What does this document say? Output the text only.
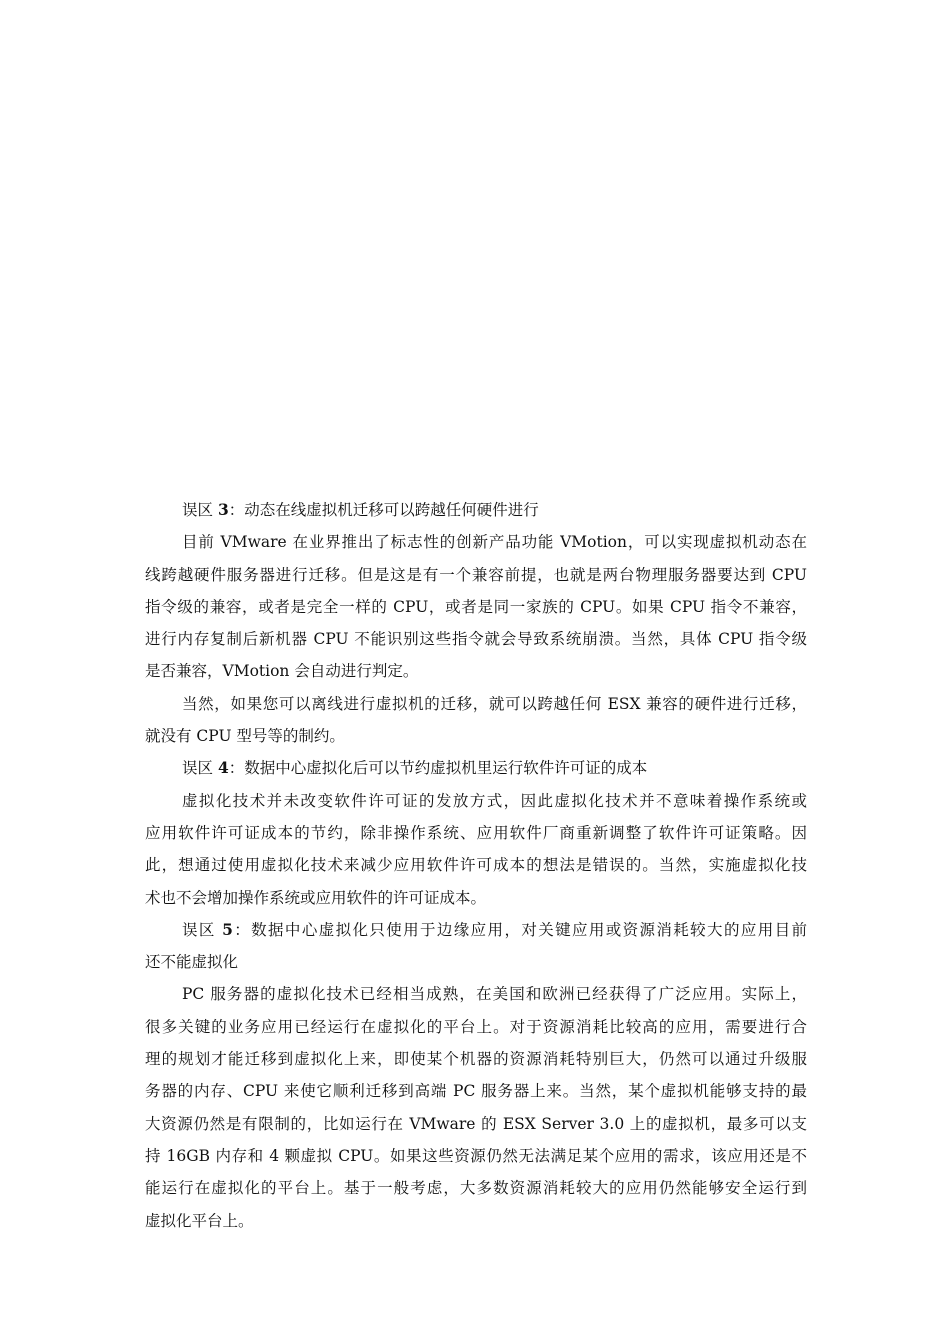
误区 3：动态在线虚拟机迁移可以跨越任何硬件进行
目前 VMware 在业界推出了标志性的创新产品功能 VMotion，可以实现虚拟机动态在
线跨越硬件服务器进行迁移。但是这是有一个兼容前提，也就是两台物理服务器要达到 CPU
指令级的兼容，或者是完全一样的 CPU，或者是同一家族的 CPU。如果 CPU 指令不兼容，
进行内存复制后新机器 CPU 不能识别这些指令就会导致系统崩溃。当然，具体 CPU 指令级
是否兼容，VMotion 会自动进行判定。
当然，如果您可以离线进行虚拟机的迁移，就可以跨越任何 ESX 兼容的硬件进行迁移，
就没有 CPU 型号等的制约。
误区 4：数据中心虚拟化后可以节约虚拟机里运行软件许可证的成本
虚拟化技术并未改变软件许可证的发放方式，因此虚拟化技术并不意味着操作系统或
应用软件许可证成本的节约，除非操作系统、应用软件厂商重新调整了软件许可证策略。因
此，想通过使用虚拟化技术来减少应用软件许可成本的想法是错误的。当然，实施虚拟化技
术也不会增加操作系统或应用软件的许可证成本。
误区 5：数据中心虚拟化只使用于边缘应用，对关键应用或资源消耗较大的应用目前
还不能虚拟化
PC 服务器的虚拟化技术已经相当成熟，在美国和欧洲已经获得了广泛应用。实际上，
很多关键的业务应用已经运行在虚拟化的平台上。对于资源消耗比较高的应用，需要进行合
理的规划才能迁移到虚拟化上来，即使某个机器的资源消耗特别巨大，仍然可以通过升级服
务器的内存、CPU 来使它顺利迁移到高端 PC 服务器上来。当然，某个虚拟机能够支持的最
大资源仍然是有限制的，比如运行在 VMware 的 ESX Server 3.0 上的虚拟机，最多可以支
持 16GB 内存和 4 颗虚拟 CPU。如果这些资源仍然无法满足某个应用的需求，该应用还是不
能运行在虚拟化的平台上。基于一般考虑，大多数资源消耗较大的应用仍然能够安全运行到
虚拟化平台上。
